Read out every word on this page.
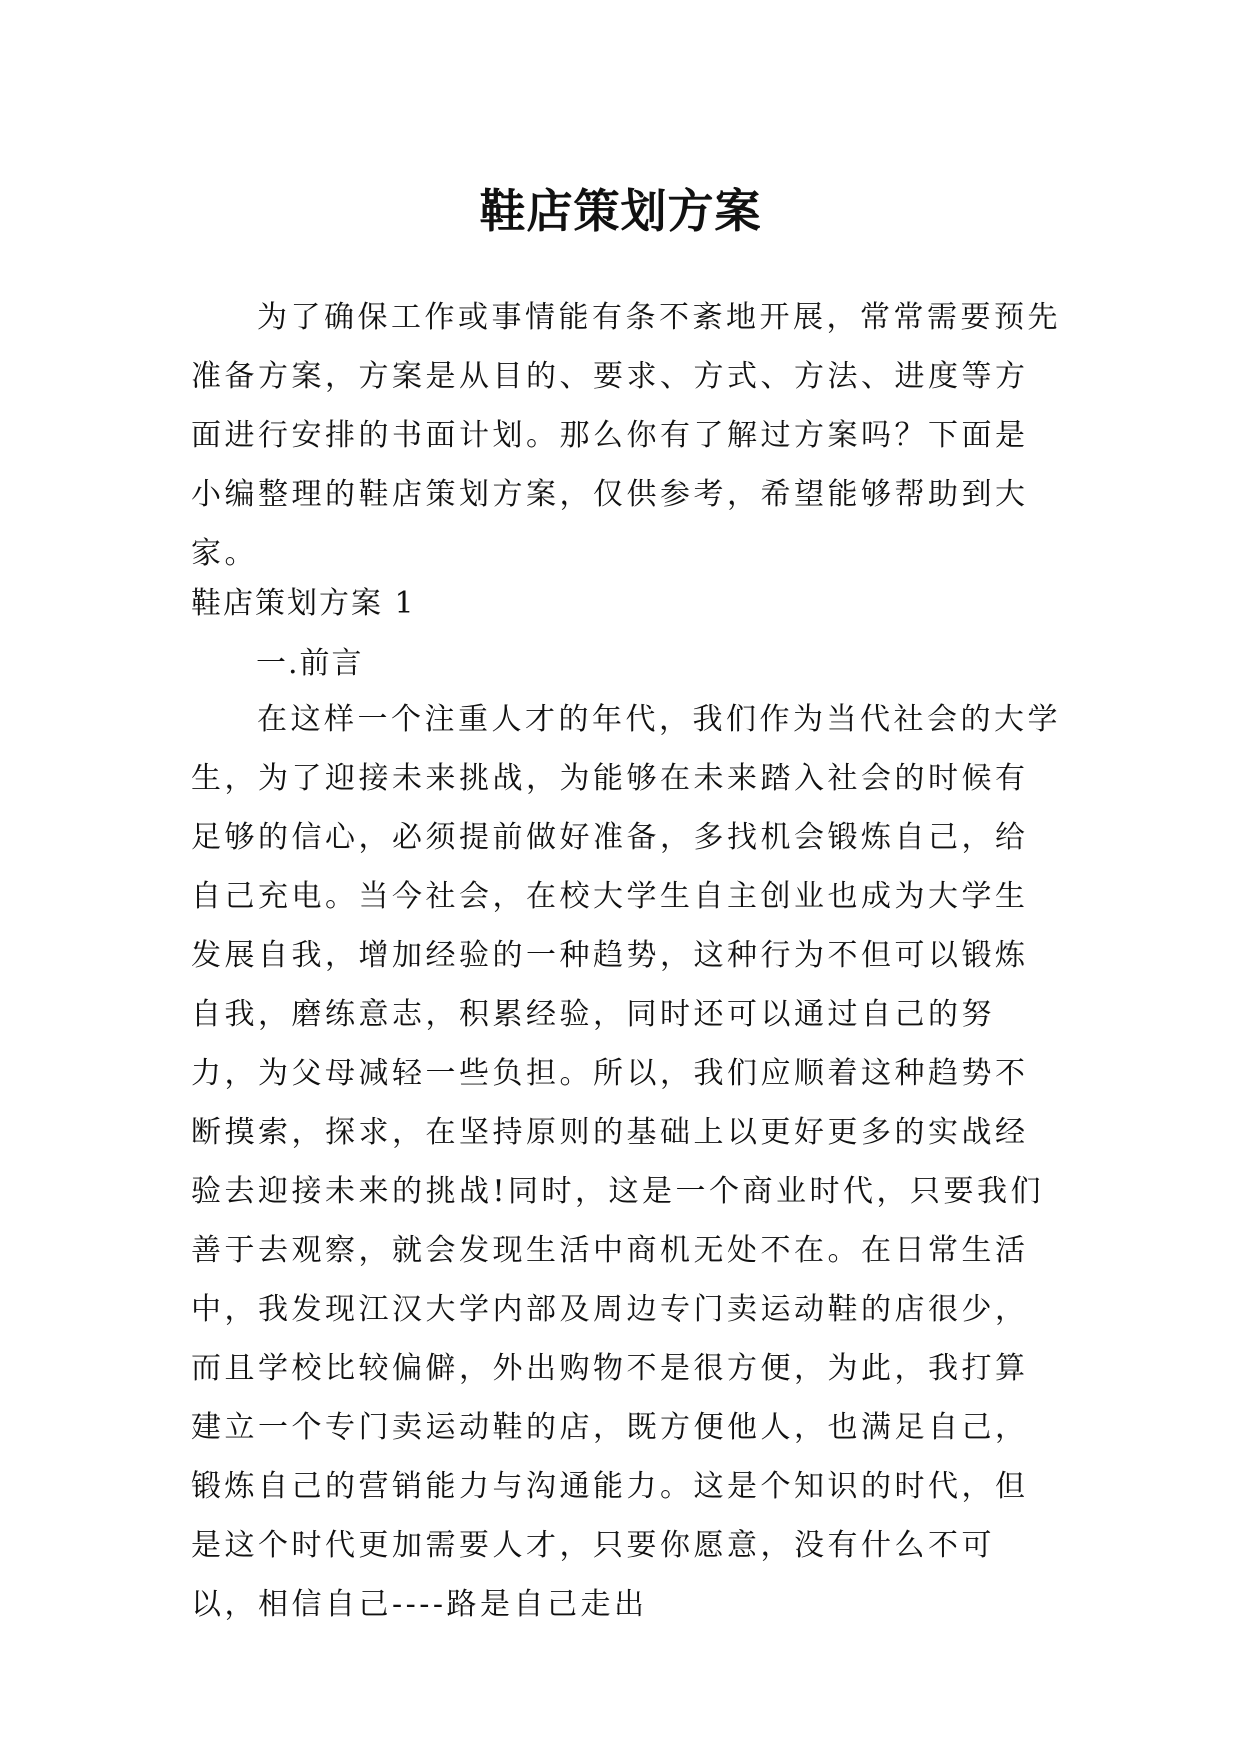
鞋店策划方案

为了确保工作或事情能有条不紊地开展，常常需要预先准备方案，方案是从目的、要求、方式、方法、进度等方面进行安排的书面计划。那么你有了解过方案吗？下面是小编整理的鞋店策划方案，仅供参考，希望能够帮助到大家。

鞋店策划方案 1
一.前言

在这样一个注重人才的年代，我们作为当代社会的大学生，为了迎接未来挑战，为能够在未来踏入社会的时候有足够的信心，必须提前做好准备，多找机会锻炼自己，给自己充电。当今社会，在校大学生自主创业也成为大学生发展自我，增加经验的一种趋势，这种行为不但可以锻炼自我，磨练意志，积累经验，同时还可以通过自己的努力，为父母减轻一些负担。所以，我们应顺着这种趋势不断摸索，探求，在坚持原则的基础上以更好更多的实战经验去迎接未来的挑战!同时，这是一个商业时代，只要我们善于去观察，就会发现生活中商机无处不在。在日常生活中，我发现江汉大学内部及周边专门卖运动鞋的店很少，而且学校比较偏僻，外出购物不是很方便，为此，我打算建立一个专门卖运动鞋的店，既方便他人，也满足自己，锻炼自己的营销能力与沟通能力。这是个知识的时代，但是这个时代更加需要人才，只要你愿意，没有什么不可以，相信自己----路是自己走出
